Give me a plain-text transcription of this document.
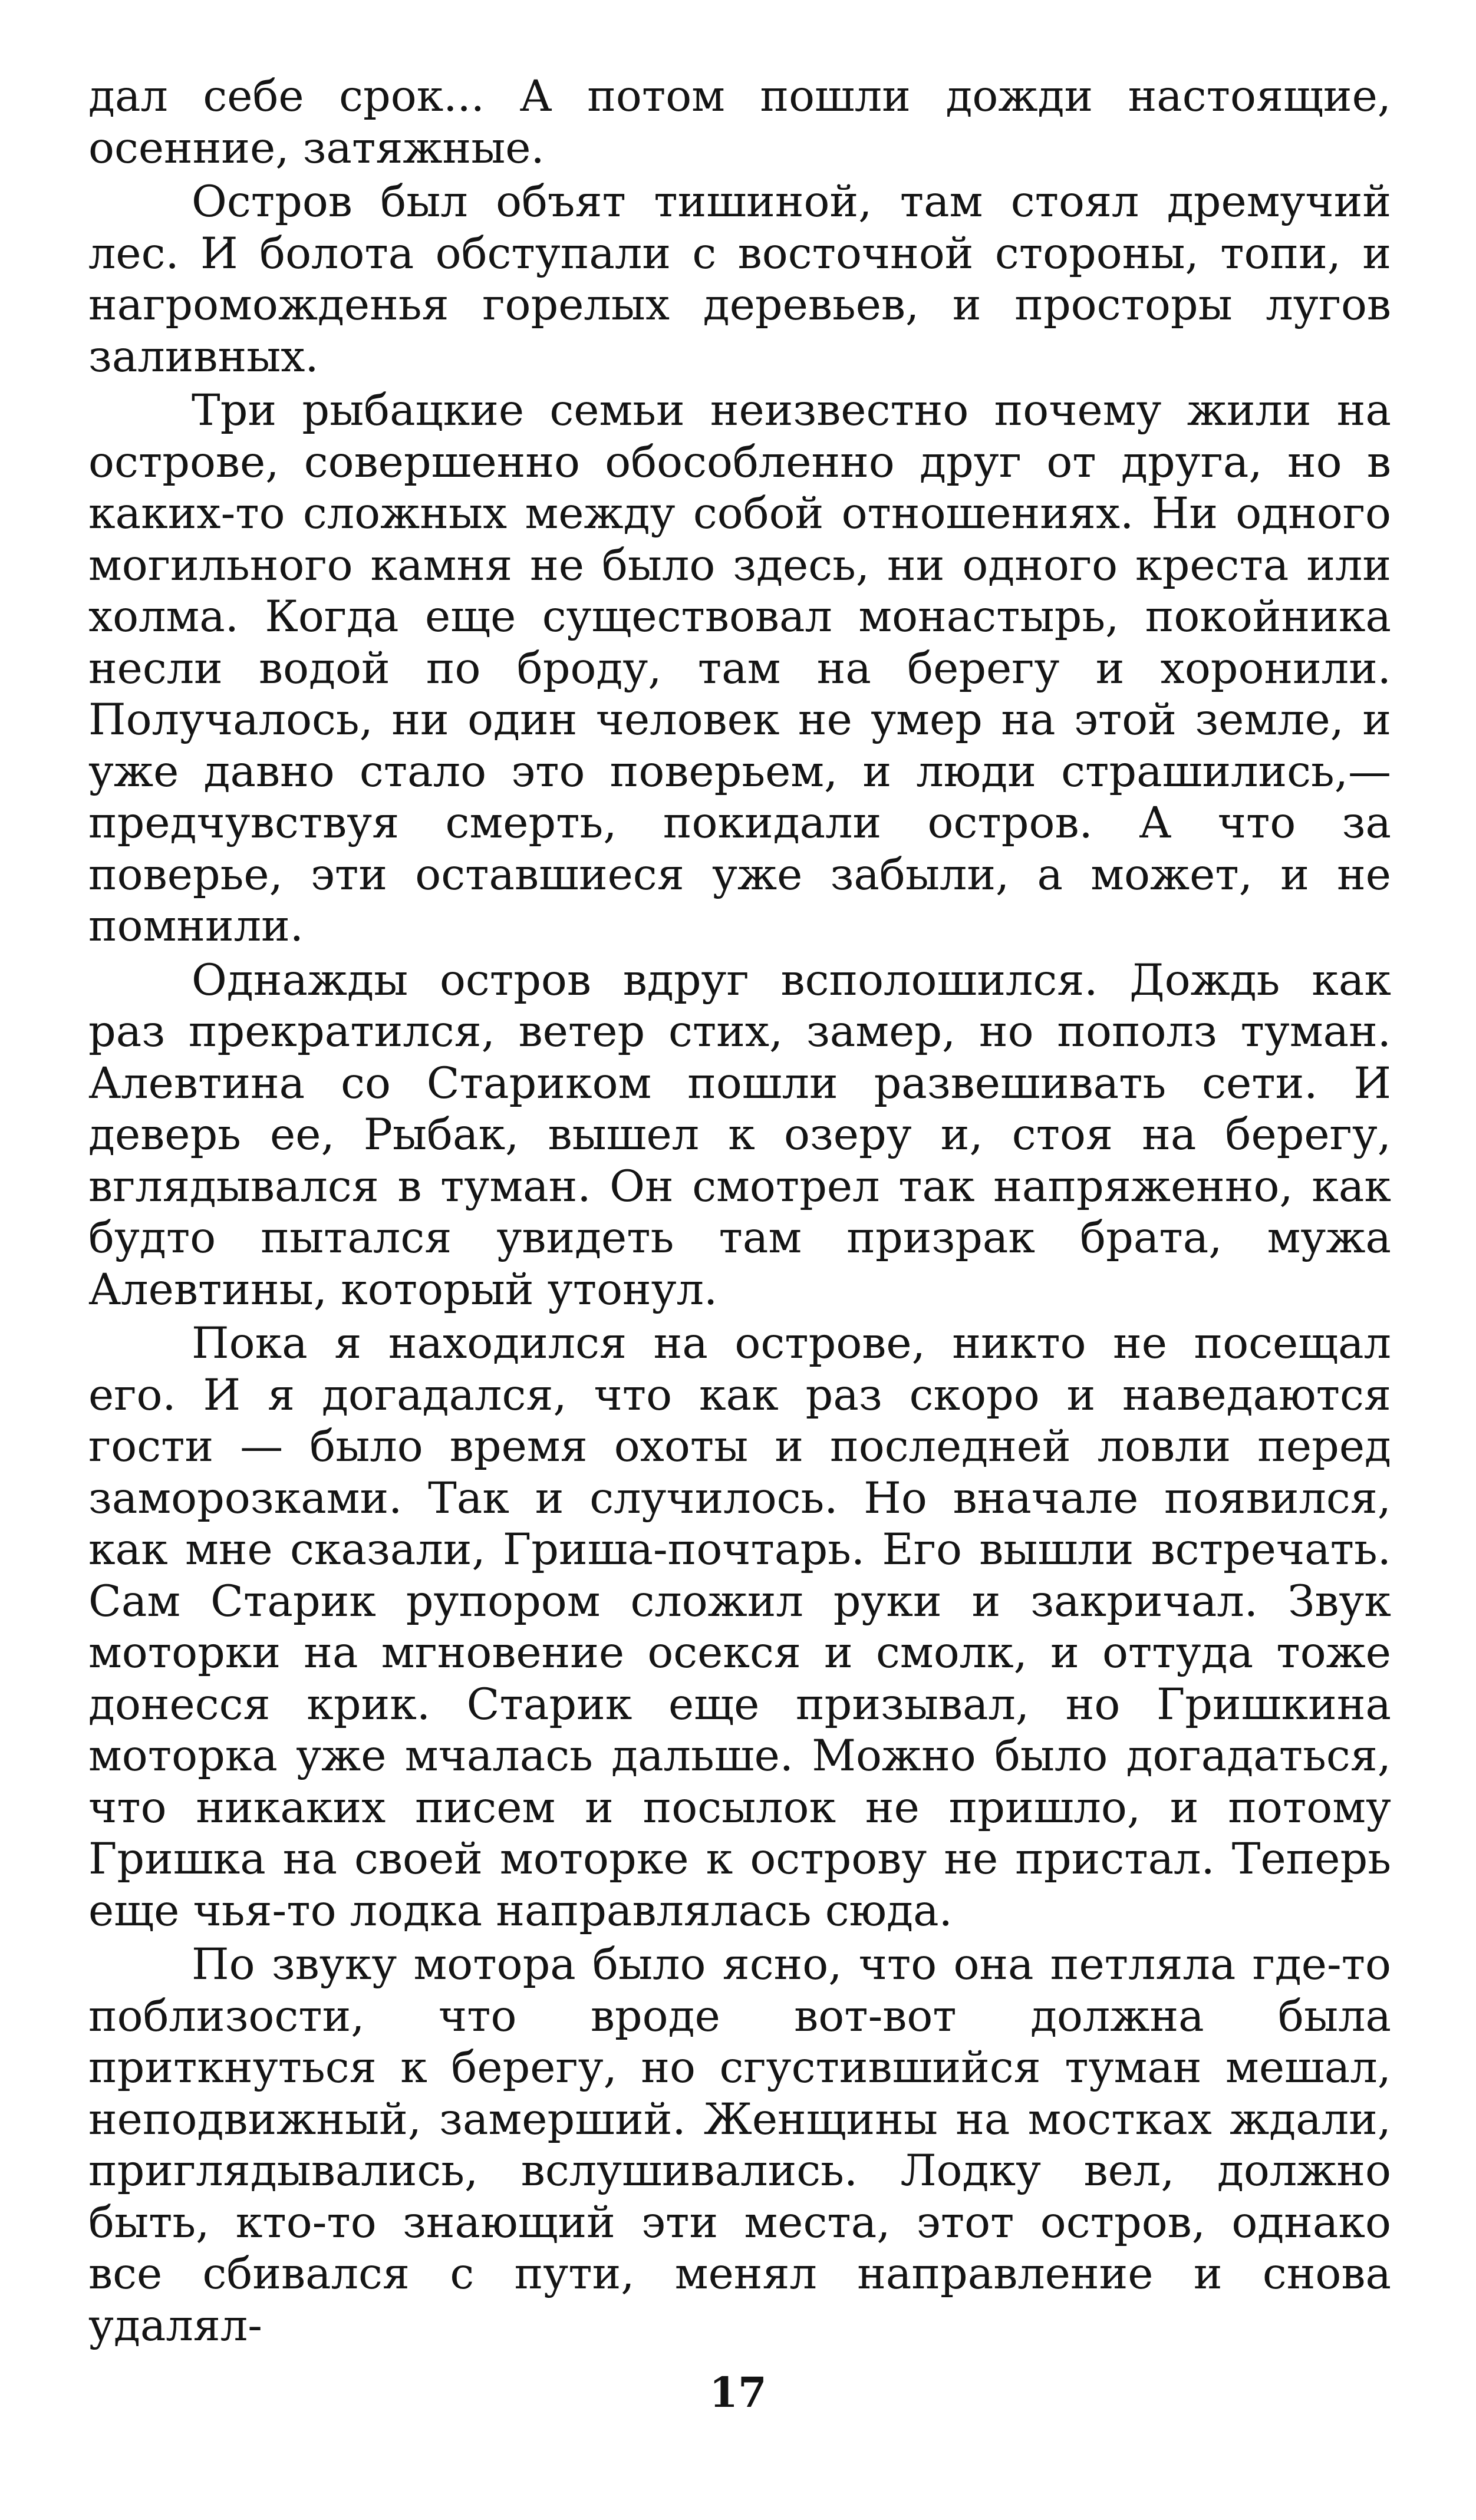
дал себе срок... А потом пошли дожди настоящие, осенние, затяжные.

Остров был объят тишиной, там стоял дремучий лес. И болота обступали с восточной стороны, топи, и нагроможденья горелых деревьев, и просторы лугов заливных.

Три рыбацкие семьи неизвестно почему жили на острове, совершенно обособленно друг от друга, но в каких-то сложных между собой отношениях. Ни одного могильного камня не было здесь, ни одного креста или холма. Когда еще существовал монастырь, покойника несли водой по броду, там на берегу и хоронили. Получалось, ни один человек не умер на этой земле, и уже давно стало это поверьем, и люди страшились,— предчувствуя смерть, покидали остров. А что за поверье, эти оставшиеся уже забыли, а может, и не помнили.

Однажды остров вдруг всполошился. Дождь как раз прекратился, ветер стих, замер, но пополз туман. Алевтина со Стариком пошли развешивать сети. И деверь ее, Рыбак, вышел к озеру и, стоя на берегу, вглядывался в туман. Он смотрел так напряженно, как будто пытался увидеть там призрак брата, мужа Алевтины, который утонул.

Пока я находился на острове, никто не посещал его. И я догадался, что как раз скоро и наведаются гости — было время охоты и последней ловли перед заморозками. Так и случилось. Но вначале появился, как мне сказали, Гриша-почтарь. Его вышли встречать. Сам Старик рупором сложил руки и закричал. Звук моторки на мгновение осекся и смолк, и оттуда тоже донесся крик. Старик еще призывал, но Гришкина моторка уже мчалась дальше. Можно было догадаться, что никаких писем и посылок не пришло, и потому Гришка на своей моторке к острову не пристал. Теперь еще чья-то лодка направлялась сюда.

По звуку мотора было ясно, что она петляла где-то поблизости, что вроде вот-вот должна была приткнуться к берегу, но сгустившийся туман мешал, неподвижный, замерший. Женщины на мостках ждали, приглядывались, вслушивались. Лодку вел, должно быть, кто-то знающий эти места, этот остров, однако все сбивался с пути, менял направление и снова удалял-

17
